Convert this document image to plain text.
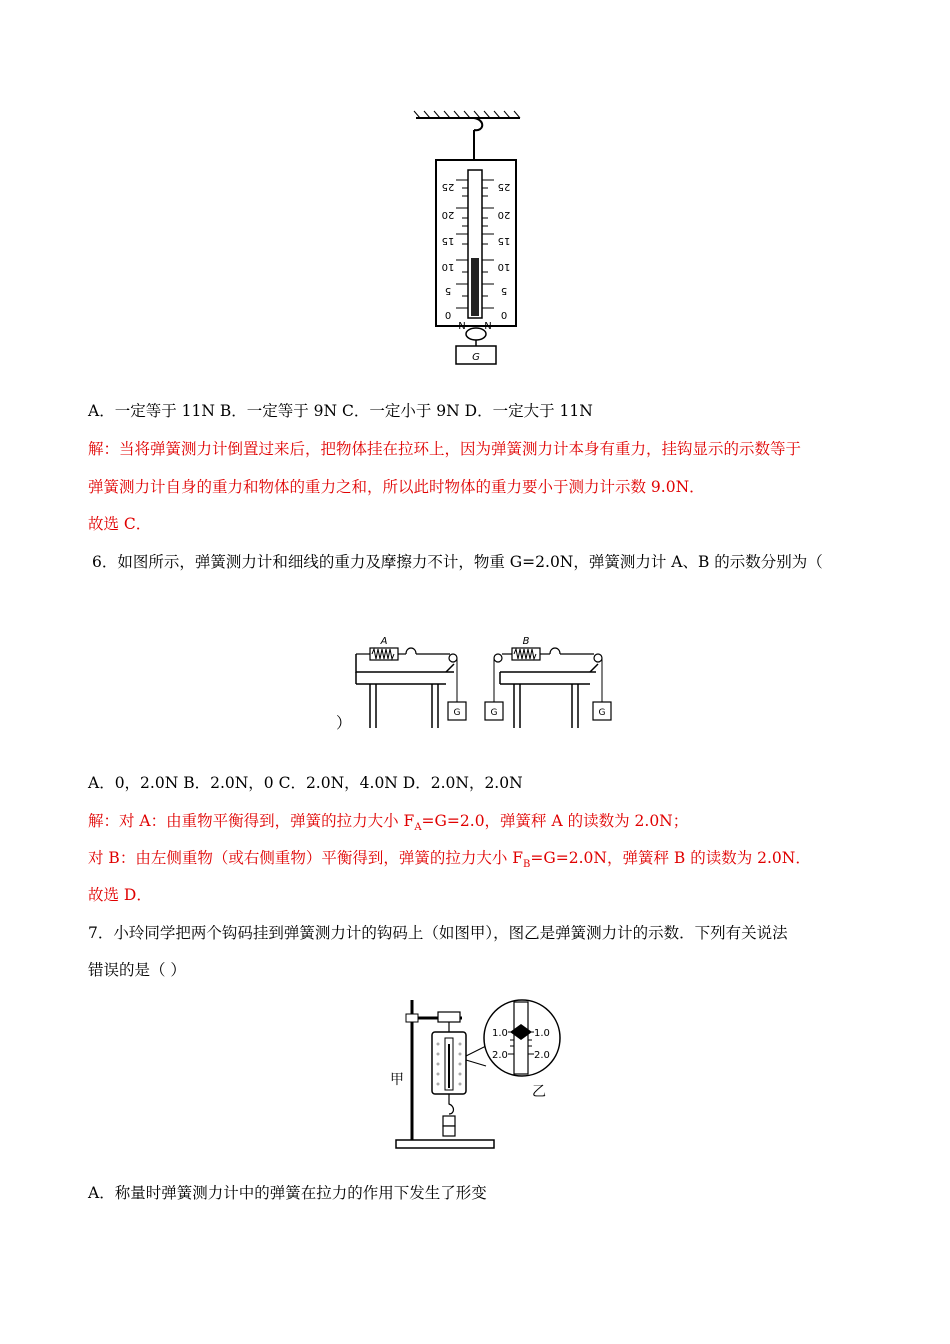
25	25
20	20
15	15
10	10
5	5
0	0
N N
G
A．一定等于 11N B．一定等于 9N C．一定小于 9N D．一定大于 11N
解：当将弹簧测力计倒置过来后，把物体挂在拉环上，因为弹簧测力计本身有重力，挂钩显示的示数等于
弹簧测力计自身的重力和物体的重力之和，所以此时物体的重力要小于测力计示数 9.0N．
故选 C．
6．如图所示，弹簧测力计和细线的重力及摩擦力不计，物重 G=2.0N，弹簧测力计 A、B 的示数分别为（
A
G	G
B
G
）
A．0，2.0N B．2.0N，0 C．2.0N，4.0N D．2.0N，2.0N
解：对 A：由重物平衡得到，弹簧的拉力大小 $F_A=G=2.0$，弹簧秤 A 的读数为 2.0N；
对 B：由左侧重物（或右侧重物）平衡得到，弹簧的拉力大小 $F_B=G=2.0N$，弹簧秤 B 的读数为 2.0N．
故选 D．
7．小玲同学把两个钩码挂到弹簧测力计的钩码上（如图甲），图乙是弹簧测力计的示数．下列有关说法
错误的是（ ）
甲
1.0	1.0
2.0	2.0
乙
A．称量时弹簧测力计中的弹簧在拉力的作用下发生了形变
